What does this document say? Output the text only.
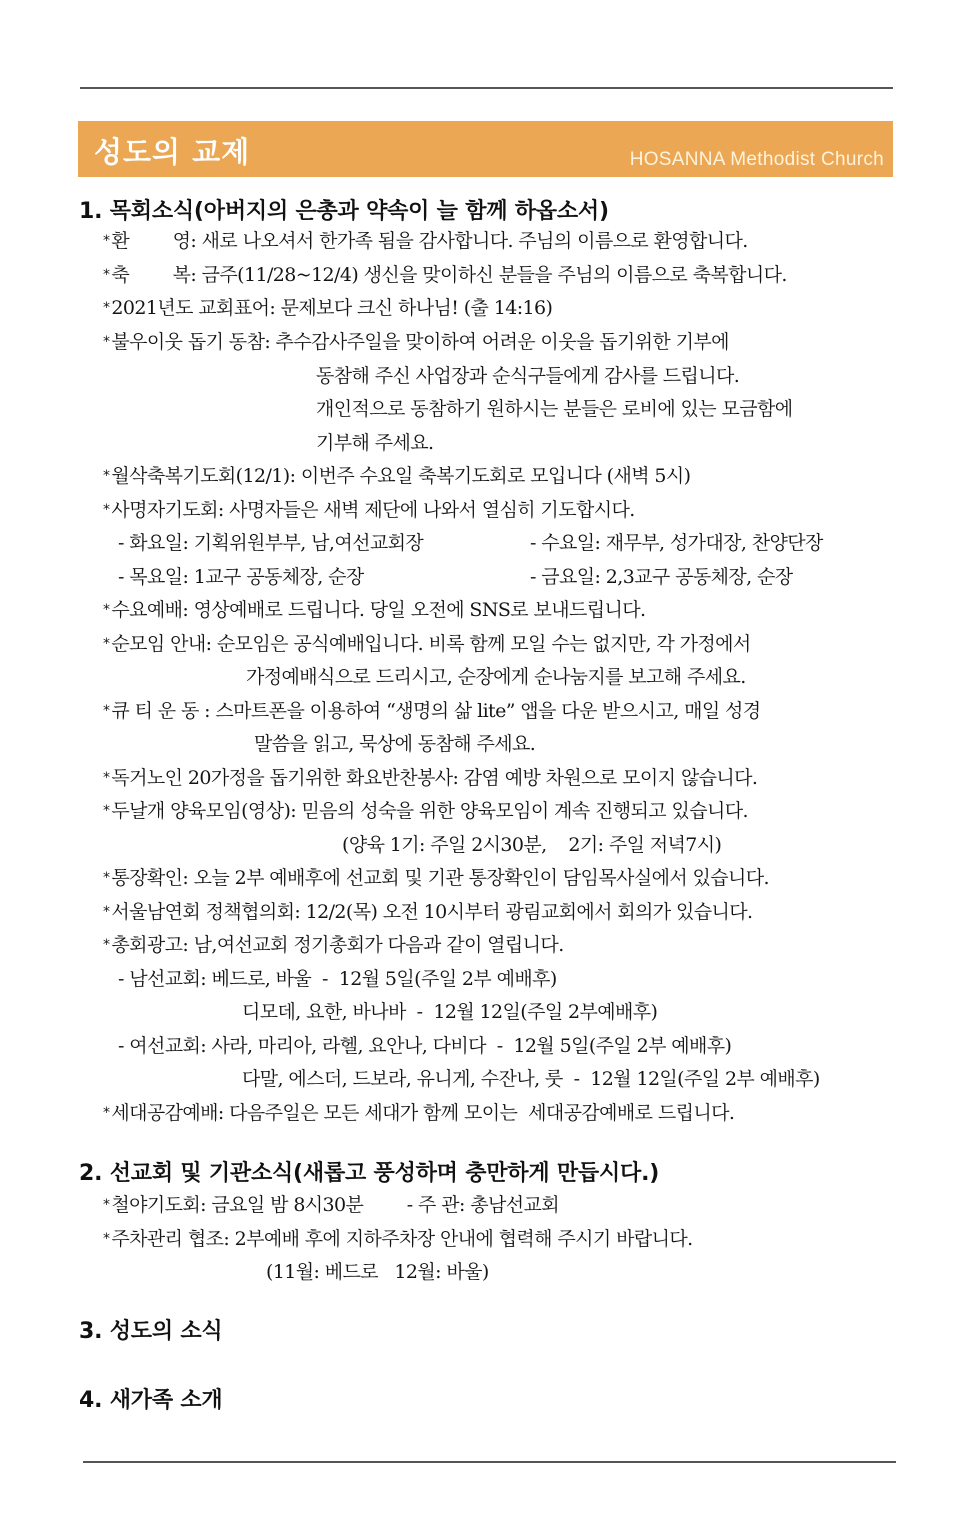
성도의 교제	HOSANNA Methodist Church
1. 목회소식(아버지의 은총과 약속이 늘 함께 하옵소서)
* 환        영: 새로 나오셔서 한가족 됨을 감사합니다. 주님의 이름으로 환영합니다.
* 축        복: 금주(11/28~12/4) 생신을 맞이하신 분들을 주님의 이름으로 축복합니다.
* 2021년도 교회표어: 문제보다 크신 하나님! (출 14:16)
* 불우이웃 돕기 동참: 추수감사주일을 맞이하여 어려운 이웃을 돕기위한 기부에
동참해 주신 사업장과 순식구들에게 감사를 드립니다.
개인적으로 동참하기 원하시는 분들은 로비에 있는 모금함에
기부해 주세요.
* 월삭축복기도회(12/1): 이번주 수요일 축복기도회로 모입니다 (새벽 5시)
* 사명자기도회: 사명자들은 새벽 제단에 나와서 열심히 기도합시다.
- 화요일: 기획위원부부, 남,여선교회장	- 수요일: 재무부, 성가대장, 찬양단장
- 목요일: 1교구 공동체장, 순장	- 금요일: 2,3교구 공동체장, 순장
* 수요예배: 영상예배로 드립니다. 당일 오전에 SNS로 보내드립니다.
* 순모임 안내: 순모임은 공식예배입니다. 비록 함께 모일 수는 없지만, 각 가정에서
가정예배식으로 드리시고, 순장에게 순나눔지를 보고해 주세요.
* 큐 티 운 동 : 스마트폰을 이용하여 “생명의 삶 lite” 앱을 다운 받으시고, 매일 성경
말씀을 읽고, 묵상에 동참해 주세요.
* 독거노인 20가정을 돕기위한 화요반찬봉사: 감염 예방 차원으로 모이지 않습니다.
* 두날개 양육모임(영상): 믿음의 성숙을 위한 양육모임이 계속 진행되고 있습니다.
(양육 1기: 주일 2시30분,    2기: 주일 저녁7시)
* 통장확인: 오늘 2부 예배후에 선교회 및 기관 통장확인이 담임목사실에서 있습니다.
* 서울남연회 정책협의회: 12/2(목) 오전 10시부터 광림교회에서 회의가 있습니다.
* 총회광고: 남,여선교회 정기총회가 다음과 같이 열립니다.
- 남선교회: 베드로, 바울  -  12월 5일(주일 2부 예배후)
디모데, 요한, 바나바  -  12월 12일(주일 2부예배후)
- 여선교회: 사라, 마리아, 라헬, 요안나, 다비다  -  12월 5일(주일 2부 예배후)
다말, 에스더, 드보라, 유니게, 수잔나, 룻  -  12월 12일(주일 2부 예배후)
* 세대공감예배: 다음주일은 모든 세대가 함께 모이는  세대공감예배로 드립니다.
2. 선교회 및 기관소식(새롭고 풍성하며 충만하게 만듭시다.)
* 철야기도회: 금요일 밤 8시30분        - 주 관: 총남선교회
* 주차관리 협조: 2부예배 후에 지하주차장 안내에 협력해 주시기 바랍니다.
(11월: 베드로   12월: 바울)
3. 성도의 소식
4. 새가족 소개
